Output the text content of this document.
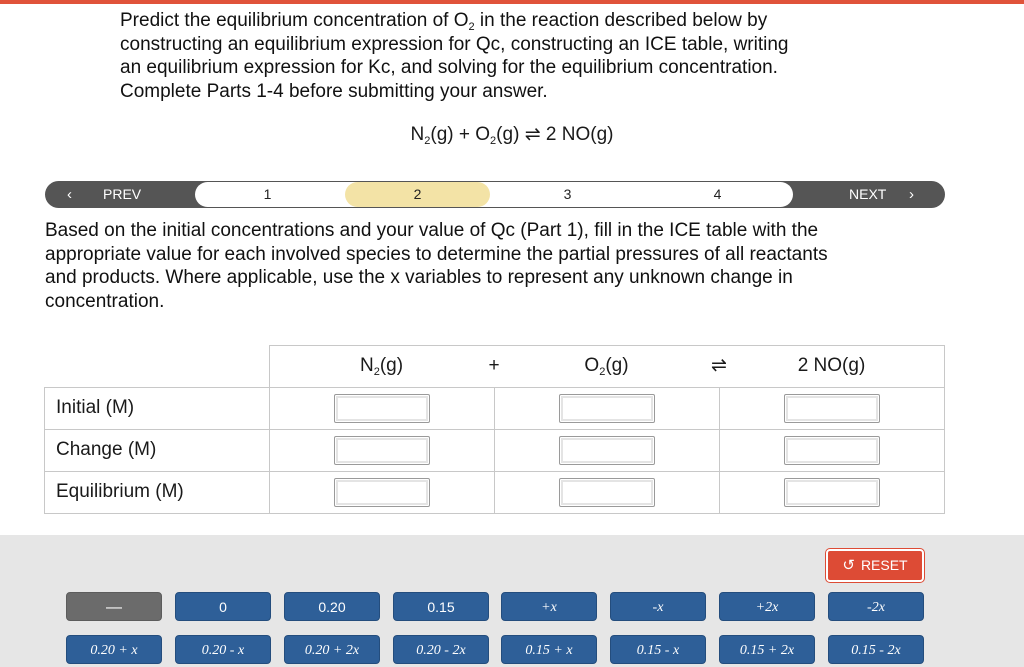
Predict the equilibrium concentration of $O_2$ in the reaction described below by
constructing an equilibrium expression for Qc, constructing an ICE table, writing
an equilibrium expression for Kc, and solving for the equilibrium concentration.
Complete Parts 1-4 before submitting your answer.
$N_2(g) + O_2(g)$ ⇌ 2 NO(g)
‹ PREV	1	2	3	4	NEXT ›
Based on the initial concentrations and your value of Qc (Part 1), fill in the ICE table with the
appropriate value for each involved species to determine the partial pressures of all reactants
and products. Where applicable, use the x variables to represent any unknown change in
concentration.
$N_2(g)$	+	$O_2(g)$	⇌	2 NO(g)
Initial (M)
Change (M)
Equilibrium (M)
↺ RESET
—	0	0.20	0.15	+x	-x	+2x	-2x
0.20 + x	0.20 - x	0.20 + 2x	0.20 - 2x	0.15 + x	0.15 - x	0.15 + 2x	0.15 - 2x
